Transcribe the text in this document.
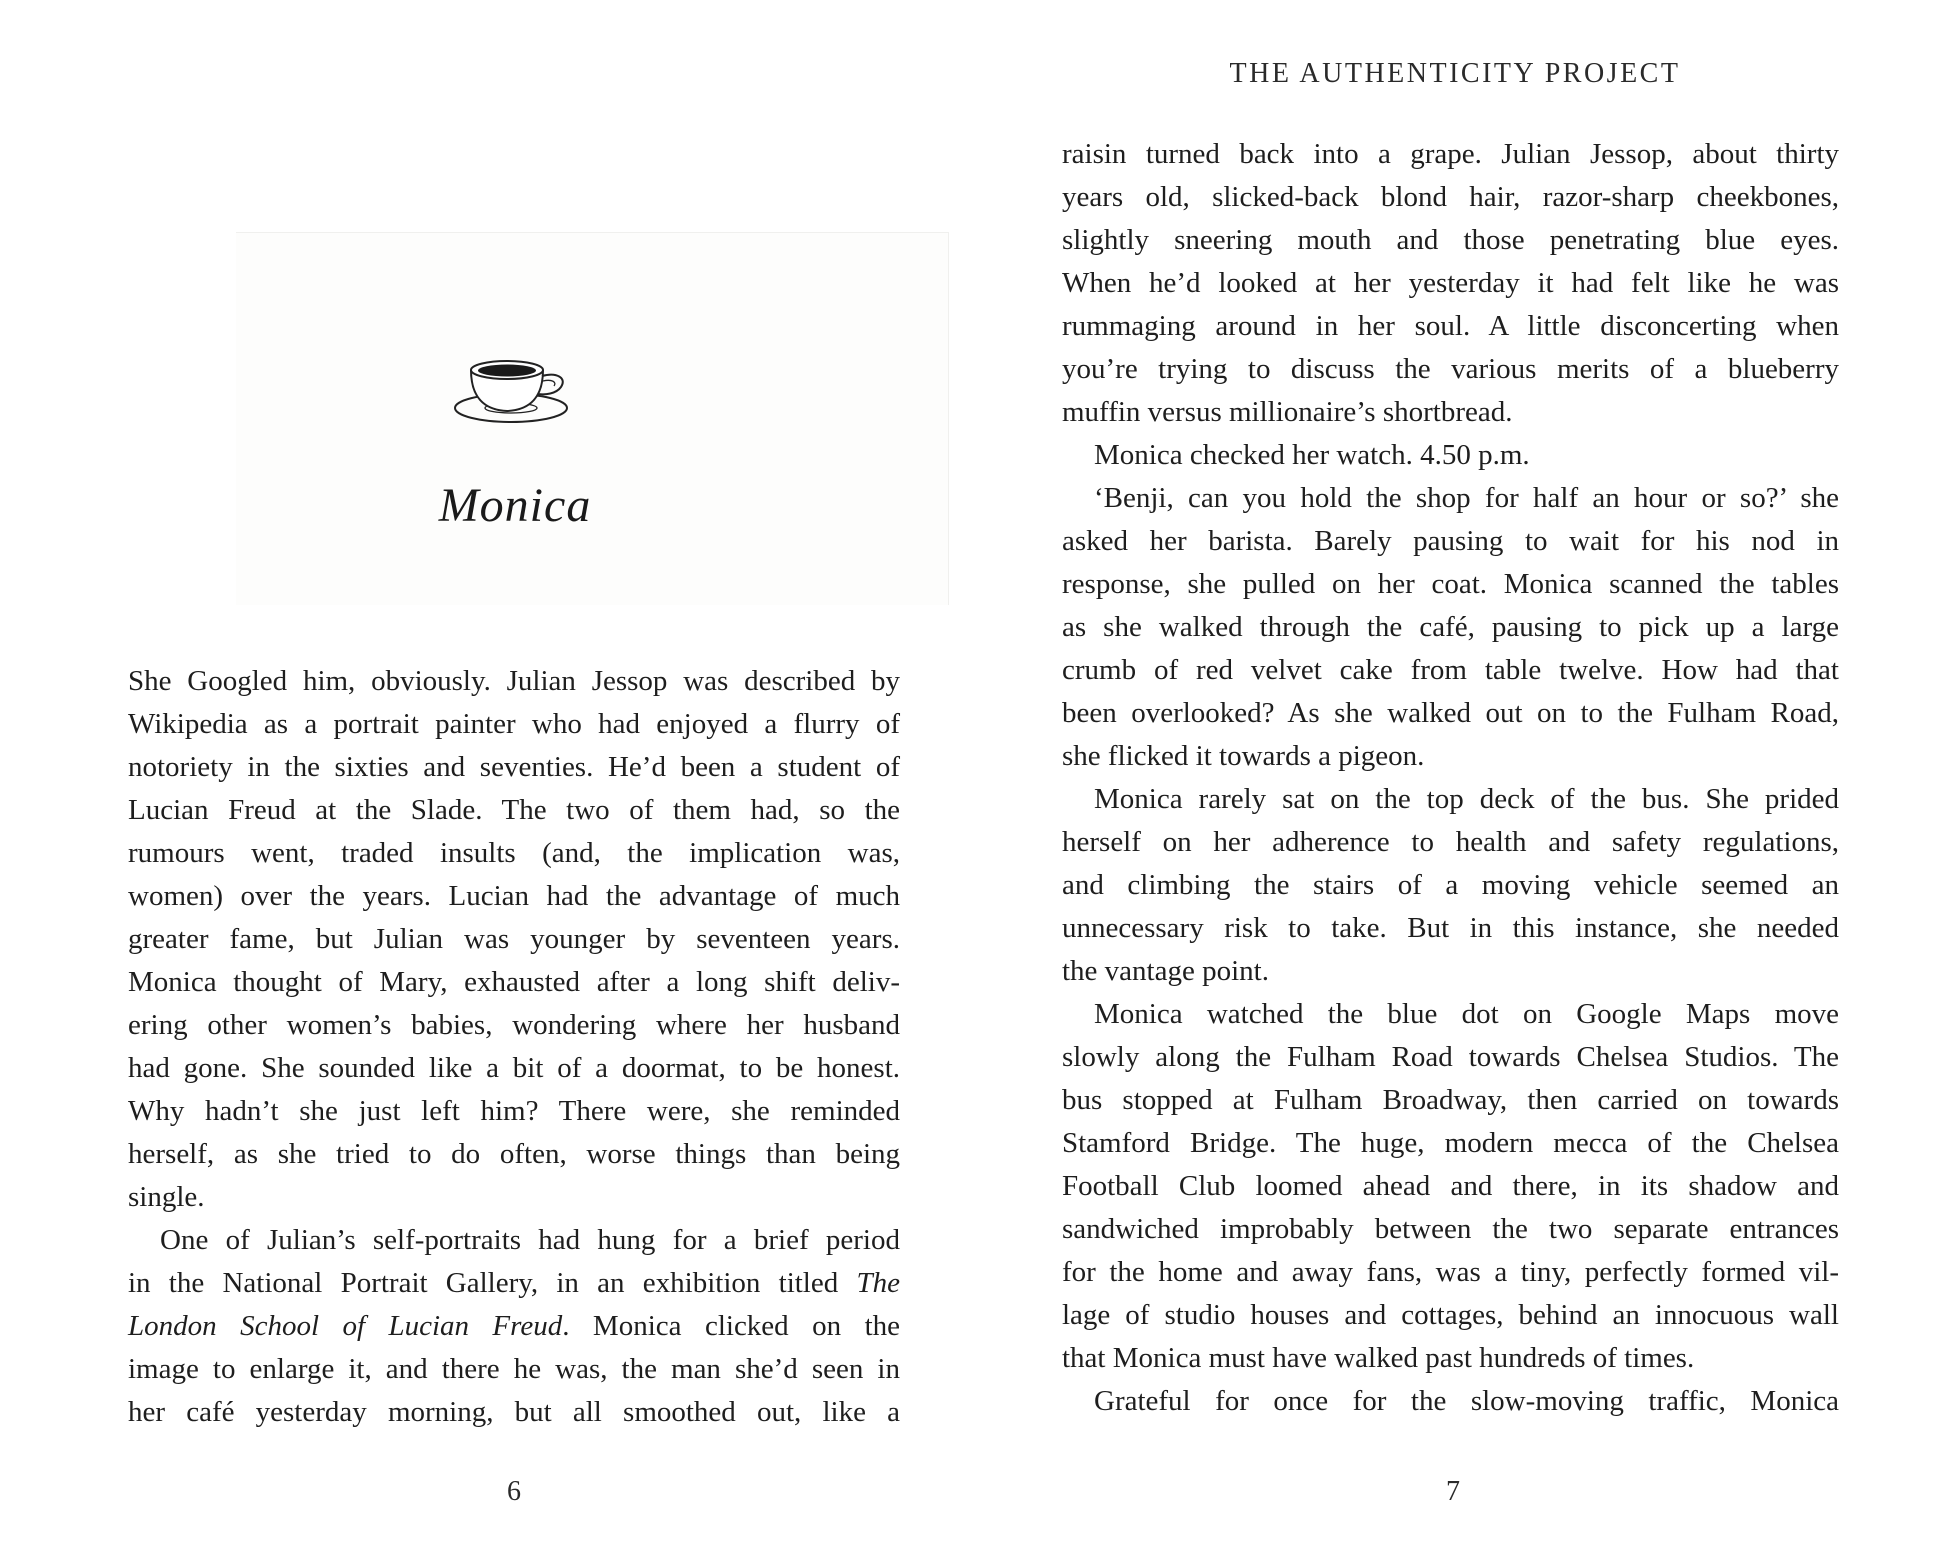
Monica
She Googled him, obviously. Julian Jessop was described by
Wikipedia as a portrait painter who had enjoyed a flurry of
notoriety in the sixties and seventies. He’d been a student of
Lucian Freud at the Slade. The two of them had, so the
rumours went, traded insults (and, the implication was,
women) over the years. Lucian had the advantage of much
greater fame, but Julian was younger by seventeen years.
Monica thought of Mary, exhausted after a long shift deliv-
ering other women’s babies, wondering where her husband
had gone. She sounded like a bit of a doormat, to be honest.
Why hadn’t she just left him? There were, she reminded
herself, as she tried to do often, worse things than being
single.
One of Julian’s self-portraits had hung for a brief period
in the National Portrait Gallery, in an exhibition titled The
London School of Lucian Freud. Monica clicked on the
image to enlarge it, and there he was, the man she’d seen in
her café yesterday morning, but all smoothed out, like a
6
THE AUTHENTICITY PROJECT
raisin turned back into a grape. Julian Jessop, about thirty
years old, slicked-back blond hair, razor-sharp cheekbones,
slightly sneering mouth and those penetrating blue eyes.
When he’d looked at her yesterday it had felt like he was
rummaging around in her soul. A little disconcerting when
you’re trying to discuss the various merits of a blueberry
muffin versus millionaire’s shortbread.
Monica checked her watch. 4.50 p.m.
‘Benji, can you hold the shop for half an hour or so?’ she
asked her barista. Barely pausing to wait for his nod in
response, she pulled on her coat. Monica scanned the tables
as she walked through the café, pausing to pick up a large
crumb of red velvet cake from table twelve. How had that
been overlooked? As she walked out on to the Fulham Road,
she flicked it towards a pigeon.
Monica rarely sat on the top deck of the bus. She prided
herself on her adherence to health and safety regulations,
and climbing the stairs of a moving vehicle seemed an
unnecessary risk to take. But in this instance, she needed
the vantage point.
Monica watched the blue dot on Google Maps move
slowly along the Fulham Road towards Chelsea Studios. The
bus stopped at Fulham Broadway, then carried on towards
Stamford Bridge. The huge, modern mecca of the Chelsea
Football Club loomed ahead and there, in its shadow and
sandwiched improbably between the two separate entrances
for the home and away fans, was a tiny, perfectly formed vil-
lage of studio houses and cottages, behind an innocuous wall
that Monica must have walked past hundreds of times.
Grateful for once for the slow-moving traffic, Monica
7
